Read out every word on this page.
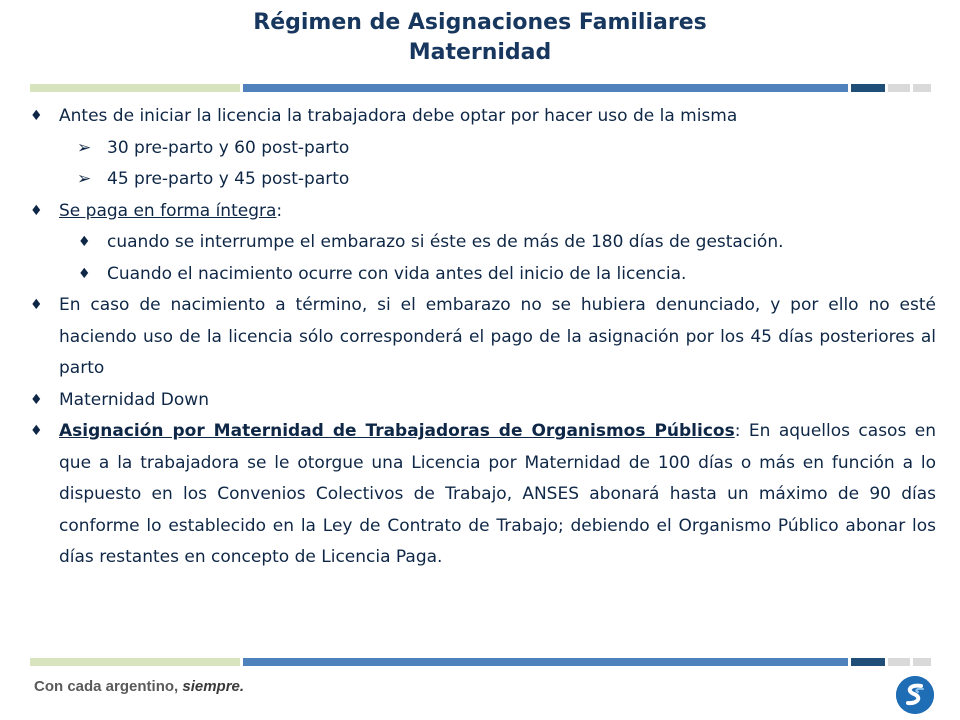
Régimen de Asignaciones Familiares
Maternidad
♦ Antes de iniciar la licencia la trabajadora debe optar por hacer uso de la misma
➢ 30 pre-parto y 60 post-parto
➢ 45 pre-parto y 45 post-parto
♦ Se paga en forma íntegra:
♦ cuando se interrumpe el embarazo si éste es de más de 180 días de gestación.
♦ Cuando el nacimiento ocurre con vida antes del inicio de la licencia.
♦ En caso de nacimiento a término, si el embarazo no se hubiera denunciado, y por ello no esté haciendo uso de la licencia sólo corresponderá el pago de la asignación por los 45 días posteriores al parto
♦ Maternidad Down
♦ Asignación por Maternidad de Trabajadoras de Organismos Públicos: En aquellos casos en que a la trabajadora se le otorgue una Licencia por Maternidad de 100 días o más en función a lo dispuesto en los Convenios Colectivos de Trabajo, ANSES abonará hasta un máximo de 90 días conforme lo establecido en la Ley de Contrato de Trabajo; debiendo el Organismo Público abonar los días restantes en concepto de Licencia Paga.
Con cada argentino, siempre.
